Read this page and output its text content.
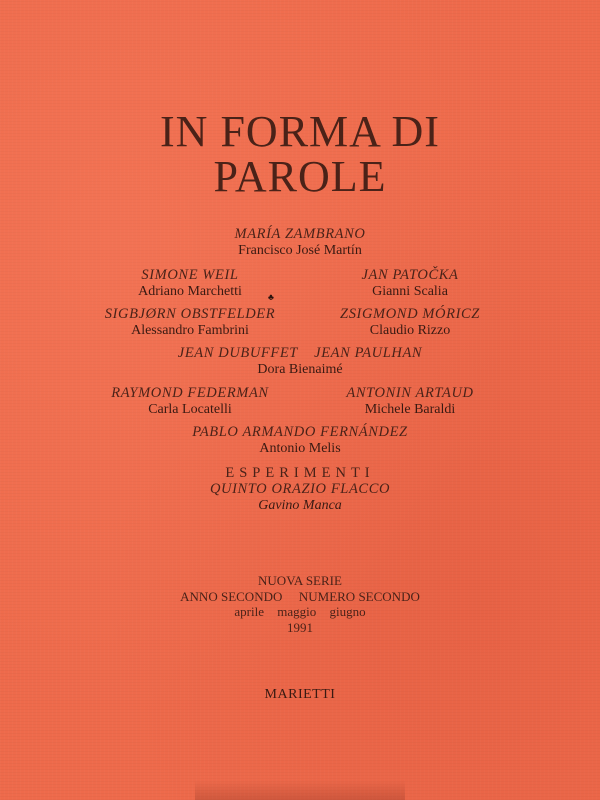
IN FORMA DI
PAROLE
MARÍA ZAMBRANO
Francisco José Martín
SIMONE WEIL
Adriano Marchetti
JAN PATOČKA
Gianni Scalia
♣
SIGBJØRN OBSTFELDER
Alessandro Fambrini
ZSIGMOND MÓRICZ
Claudio Rizzo
JEAN DUBUFFET JEAN PAULHAN
Dora Bienaimé
RAYMOND FEDERMAN
Carla Locatelli
ANTONIN ARTAUD
Michele Baraldi
PABLO ARMANDO FERNÁNDEZ
Antonio Melis
ESPERIMENTI
QUINTO ORAZIO FLACCO
Gavino Manca
NUOVA SERIE
ANNO SECONDO NUMERO SECONDO
aprile maggio giugno
1991
MARIETTI
